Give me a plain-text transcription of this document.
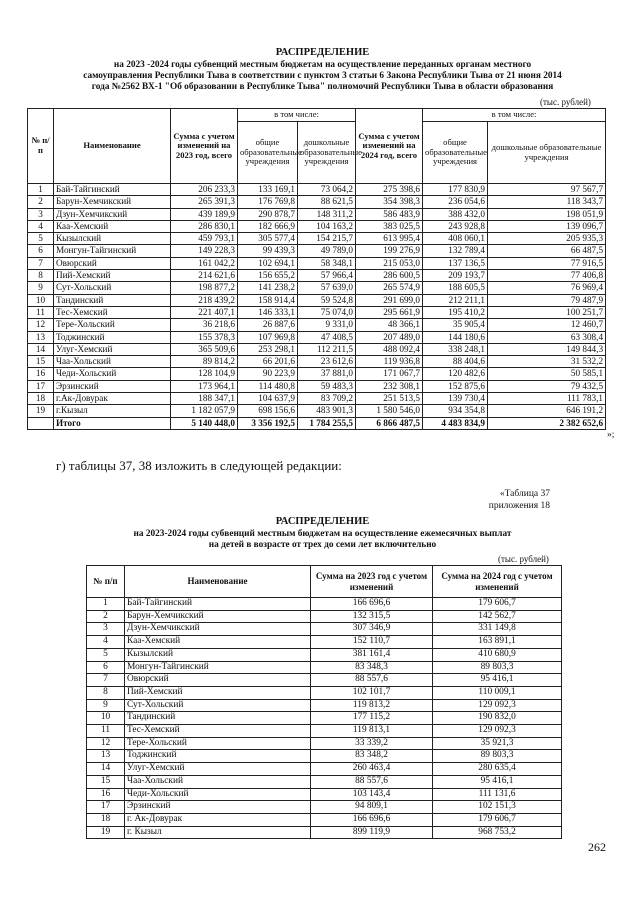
РАСПРЕДЕЛЕНИЕ
на 2023 -2024 годы субвенций местным бюджетам на осуществление переданных органам местного
самоуправления Республики Тыва в соответствии с пунктом 3 статьи 6 Закона Республики Тыва от 21 июня 2014
года №2562 ВХ-1 "Об образовании в Республике Тыва" полномочий Республики Тыва в области образования
(тыс. рублей)
№ п/п	Наименование	Сумма с учетом изменений на 2023 год, всего	в том числе:		Сумма с учетом изменений на 2024 год, всего	в том числе:	
			общие образовательные учреждения	дошкольные образовательные учреждения		общие образовательные учреждения	дошкольные образовательные учреждения
1	Бай-Тайгинский	206 233,3	133 169,1	73 064,2	275 398,6	177 830,9	97 567,7
2	Барун-Хемчикский	265 391,3	176 769,8	88 621,5	354 398,3	236 054,6	118 343,7
3	Дзун-Хемчикский	439 189,9	290 878,7	148 311,2	586 483,9	388 432,0	198 051,9
4	Каа-Хемский	286 830,1	182 666,9	104 163,2	383 025,5	243 928,8	139 096,7
5	Кызылский	459 793,1	305 577,4	154 215,7	613 995,4	408 060,1	205 935,3
6	Монгун-Тайгинский	149 228,3	99 439,3	49 789,0	199 276,9	132 789,4	66 487,5
7	Овюрский	161 042,2	102 694,1	58 348,1	215 053,0	137 136,5	77 916,5
8	Пий-Хемский	214 621,6	156 655,2	57 966,4	286 600,5	209 193,7	77 406,8
9	Сут-Хольский	198 877,2	141 238,2	57 639,0	265 574,9	188 605,5	76 969,4
10	Тандинский	218 439,2	158 914,4	59 524,8	291 699,0	212 211,1	79 487,9
11	Тес-Хемский	221 407,1	146 333,1	75 074,0	295 661,9	195 410,2	100 251,7
12	Тере-Хольский	36 218,6	26 887,6	9 331,0	48 366,1	35 905,4	12 460,7
13	Тоджинский	155 378,3	107 969,8	47 408,5	207 489,0	144 180,6	63 308,4
14	Улуг-Хемский	365 509,6	253 298,1	112 211,5	488 092,4	338 248,1	149 844,3
15	Чаа-Хольский	89 814,2	66 201,6	23 612,6	119 936,8	88 404,6	31 532,2
16	Чеди-Хольский	128 104,9	90 223,9	37 881,0	171 067,7	120 482,6	50 585,1
17	Эрзинский	173 964,1	114 480,8	59 483,3	232 308,1	152 875,6	79 432,5
18	г.Ак-Довурак	188 347,1	104 637,9	83 709,2	251 513,5	139 730,4	111 783,1
19	г.Кызыл	1 182 057,9	698 156,6	483 901,3	1 580 546,0	934 354,8	646 191,2
	Итого	5 140 448,0	3 356 192,5	1 784 255,5	6 866 487,5	4 483 834,9	2 382 652,6
»;
г) таблицы 37, 38 изложить в следующей редакции:
«Таблица 37
приложения 18
РАСПРЕДЕЛЕНИЕ
на 2023-2024 годы субвенций местным бюджетам на осуществление ежемесячных выплат
на детей в возрасте от трех до семи лет включительно
(тыс. рублей)
№ п/п	Наименование	Сумма на 2023 год с учетом изменений	Сумма на 2024 год с учетом изменений
1	Бай-Тайгинский	166 696,6	179 606,7
2	Барун-Хемчикский	132 315,5	142 562,7
3	Дзун-Хемчикский	307 346,9	331 149,8
4	Каа-Хемский	152 110,7	163 891,1
5	Кызылский	381 161,4	410 680,9
6	Монгун-Тайгинский	83 348,3	89 803,3
7	Овюрский	88 557,6	95 416,1
8	Пий-Хемский	102 101,7	110 009,1
9	Сут-Хольский	119 813,2	129 092,3
10	Тандинский	177 115,2	190 832,0
11	Тес-Хемский	119 813,1	129 092,3
12	Тере-Хольский	33 339,2	35 921,3
13	Тоджинский	83 348,2	89 803,3
14	Улуг-Хемский	260 463,4	280 635,4
15	Чаа-Хольский	88 557,6	95 416,1
16	Чеди-Хольский	103 143,4	111 131,6
17	Эрзинский	94 809,1	102 151,3
18	г. Ак-Довурак	166 696,6	179 606,7
19	г. Кызыл	899 119,9	968 753,2
262
